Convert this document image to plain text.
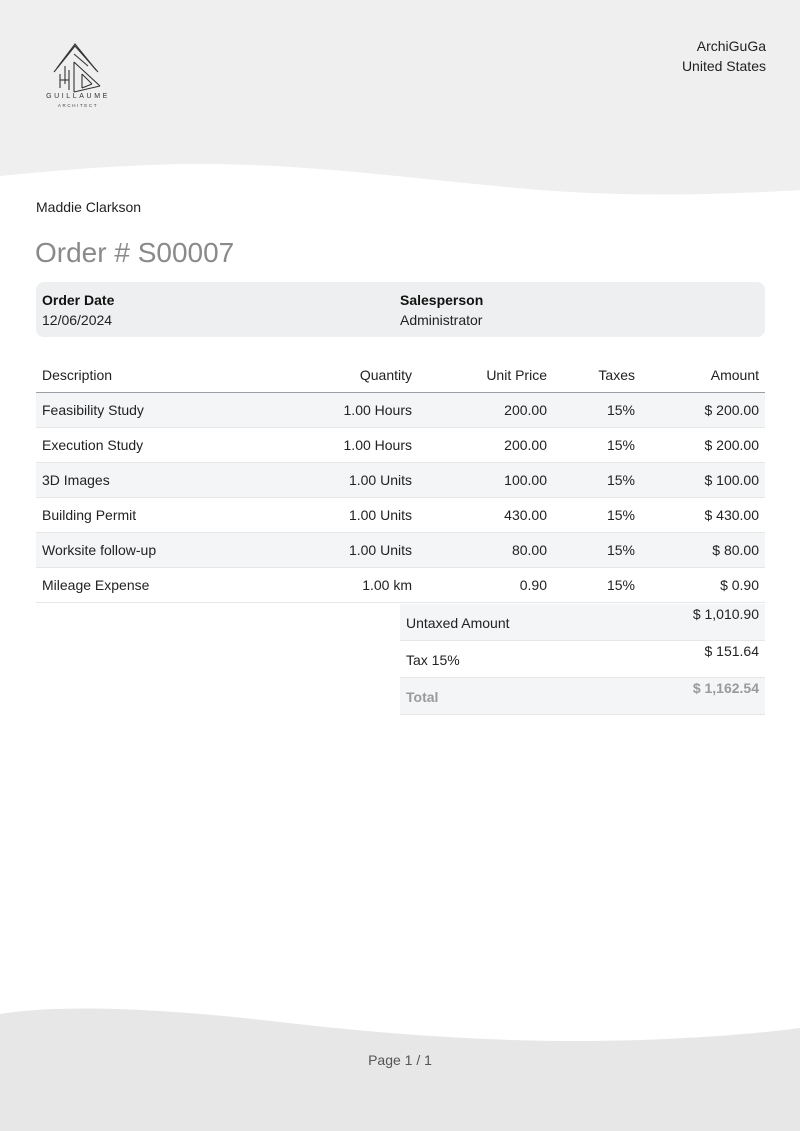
GUILLAUME
ARCHITECT
ArchiGuGa
United States
Maddie Clarkson
Order # S00007
Order Date
12/06/2024
Salesperson
Administrator
Description	Quantity	Unit Price	Taxes	Amount
Feasibility Study	1.00 Hours	200.00	15%	$ 200.00
Execution Study	1.00 Hours	200.00	15%	$ 200.00
3D Images	1.00 Units	100.00	15%	$ 100.00
Building Permit	1.00 Units	430.00	15%	$ 430.00
Worksite follow-up	1.00 Units	80.00	15%	$ 80.00
Mileage Expense	1.00 km	0.90	15%	$ 0.90
Untaxed Amount	$ 1,010.90
Tax 15%	$ 151.64
Total	$ 1,162.54
Page 1 / 1
